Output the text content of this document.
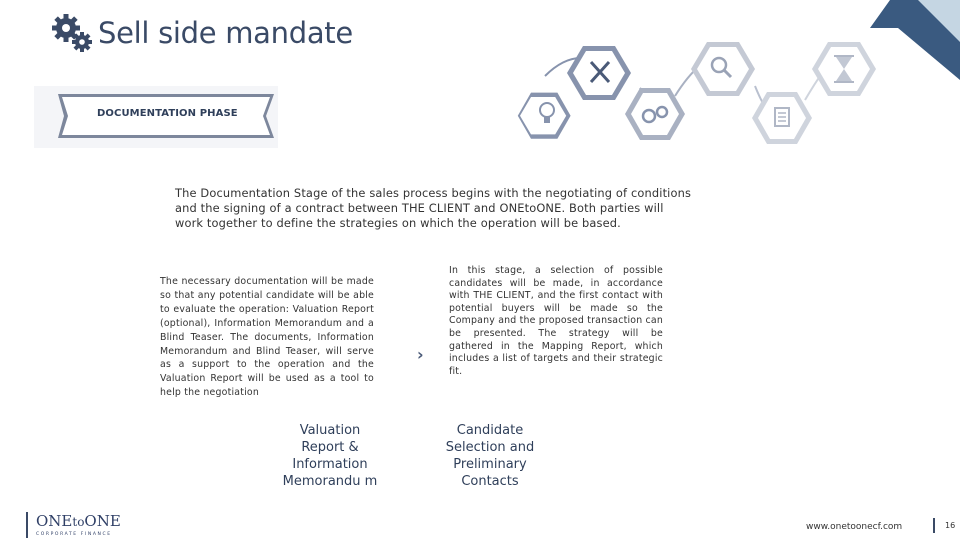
Sell side mandate
DOCUMENTATION PHASE
The Documentation Stage of the sales process begins with the negotiating of conditions and the signing of a contract between THE CLIENT and ONEtoONE. Both parties will work together to define the strategies on which the operation will be based.
The necessary documentation will be made so that any potential candidate will be able to evaluate the operation: Valuation Report (optional), Information Memorandum and a Blind Teaser. The documents, Information Memorandum and Blind Teaser, will serve as a support to the operation and the Valuation Report will be used as a tool to help the negotiation
›
In this stage, a selection of possible candidates will be made, in accordance with THE CLIENT, and the first contact with potential buyers will be made so the Company and the proposed transaction can be presented. The strategy will be gathered in the Mapping Report, which includes a list of targets and their strategic fit.
Valuation Report & Information Memorandu m
Candidate Selection and Preliminary Contacts
ONEtoONE
CORPORATE FINANCE
www.onetoonecf.com	16
